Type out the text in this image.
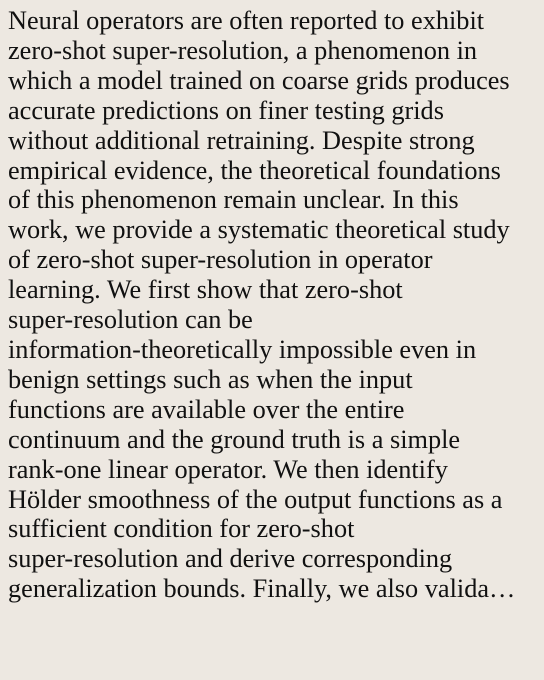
Neural operators are often reported to exhibit
zero-shot super-resolution, a phenomenon in
which a model trained on coarse grids produces
accurate predictions on finer testing grids
without additional retraining. Despite strong
empirical evidence, the theoretical foundations
of this phenomenon remain unclear. In this
work, we provide a systematic theoretical study
of zero-shot super-resolution in operator
learning. We first show that zero-shot
super-resolution can be
information-theoretically impossible even in
benign settings such as when the input
functions are available over the entire
continuum and the ground truth is a simple
rank-one linear operator. We then identify
Hölder smoothness of the output functions as a
sufficient condition for zero-shot
super-resolution and derive corresponding
generalization bounds. Finally, we also valida…
